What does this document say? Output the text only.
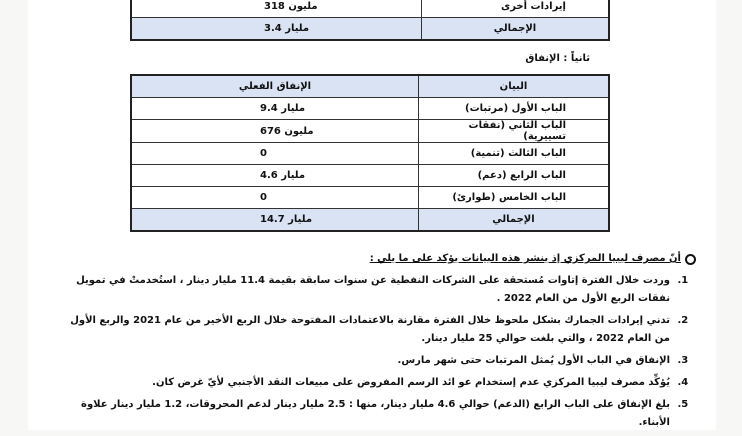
318 مليون	إيرادات أخرى
3.4 مليار	الإجمالي
ثانياً : الإنفاق
الإنفاق الفعلي	البيان
9.4 مليار	الباب الأول (مرتبات)
676 مليون	الباب الثاني (نفقات تسييرية)
0	الباب الثالث (تنمية)
4.6 مليار	الباب الرابع (دعم)
0	الباب الخامس (طوارئ)
14.7 مليار	الإجمالي
أنّ مصرف ليبيا المركزي إذ ينشر هذه البيانات يؤكد على ما يلي :
1. وردت خلال الفترة إتاوات مُستحقة على الشركات النفطية عن سنوات سابقة بقيمة 11.4 مليار دينار ، استُخدمتْ في تمويل نفقات الربع الأول من العام 2022 .
2. تدني إيرادات الجمارك بشكل ملحوظ خلال الفترة مقارنة بالاعتمادات المفتوحة خلال الربع الأخير من عام 2021 والربع الأول من العام 2022 ، والتي بلغت حوالي 25 مليار دينار.
3. الإنفاق في الباب الأول يُمثل المرتبات حتى شهر مارس.
4. يُؤكِّد مصرف ليبيا المركزي عدم إستخدام عو ائد الرسم المفروض على مبيعات النقد الأجنبي لأيّ غرض كان.
5. بلغ الإنفاق على الباب الرابع (الدعم) حوالي 4.6 مليار دينار، منها : 2.5 مليار دينار لدعم المحروقات، 1.2 مليار دينار علاوة الأبناء.
